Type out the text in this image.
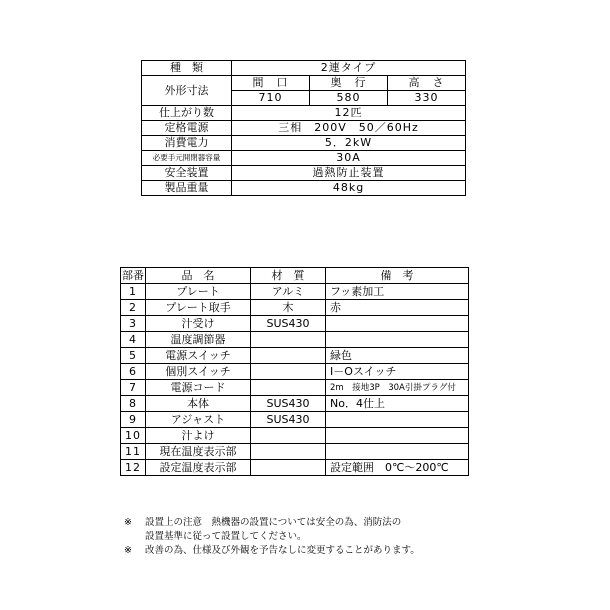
種　類	2連タイプ		
外形寸法	間　口	奥　行	高　さ
	710	580	330
仕上がり数	12匹		
定格電源	三相　200V　50／60Hz		
消費電力	5．2kW		
必要手元開閉器容量	30A		
安全装置	過熱防止装置		
製品重量	48kg		
部番	品　名	材　質	備　考
1	プレート	アルミ	フッ素加工
2	プレート取手	木	赤
3	汁受け	SUS430	
4	温度調節器		
5	電源スイッチ		緑色
6	個別スイッチ		I－Oスイッチ
7	電源コード		2m　接地3P　30A引掛プラグ付
8	本体	SUS430	No．4仕上
9	アジャスト	SUS430	
10	汁よけ		
11	現在温度表示部		
12	設定温度表示部		設定範囲　0℃～200℃
※	設置上の注意　熱機器の設置については安全の為、消防法の
設置基準に従って設置してください。
※	改善の為、仕様及び外観を予告なしに変更することがあります。
